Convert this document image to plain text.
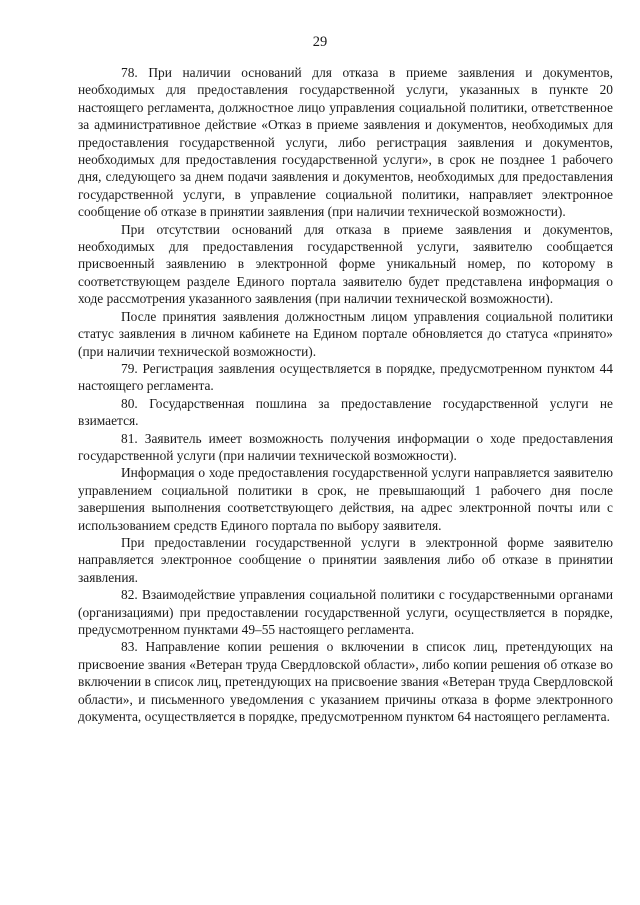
29

78. При наличии оснований для отказа в приеме заявления и документов, необходимых для предоставления государственной услуги, указанных в пункте 20 настоящего регламента, должностное лицо управления социальной политики, ответственное за административное действие «Отказ в приеме заявления и документов, необходимых для предоставления государственной услуги, либо регистрация заявления и документов, необходимых для предоставления государственной услуги», в срок не позднее 1 рабочего дня, следующего за днем подачи заявления и документов, необходимых для предоставления государственной услуги, в управление социальной политики, направляет электронное сообщение об отказе в принятии заявления (при наличии технической возможности).

При отсутствии оснований для отказа в приеме заявления и документов, необходимых для предоставления государственной услуги, заявителю сообщается присвоенный заявлению в электронной форме уникальный номер, по которому в соответствующем разделе Единого портала заявителю будет представлена информация о ходе рассмотрения указанного заявления (при наличии технической возможности).

После принятия заявления должностным лицом управления социальной политики статус заявления в личном кабинете на Едином портале обновляется до статуса «принято» (при наличии технической возможности).

79. Регистрация заявления осуществляется в порядке, предусмотренном пунктом 44 настоящего регламента.

80. Государственная пошлина за предоставление государственной услуги не взимается.

81. Заявитель имеет возможность получения информации о ходе предоставления государственной услуги (при наличии технической возможности).

Информация о ходе предоставления государственной услуги направляется заявителю управлением социальной политики в срок, не превышающий 1 рабочего дня после завершения выполнения соответствующего действия, на адрес электронной почты или с использованием средств Единого портала по выбору заявителя.

При предоставлении государственной услуги в электронной форме заявителю направляется электронное сообщение о принятии заявления либо об отказе в принятии заявления.

82. Взаимодействие управления социальной политики с государственными органами (организациями) при предоставлении государственной услуги, осуществляется в порядке, предусмотренном пунктами 49–55 настоящего регламента.

83. Направление копии решения о включении в список лиц, претендующих на присвоение звания «Ветеран труда Свердловской области», либо копии решения об отказе во включении в список лиц, претендующих на присвоение звания «Ветеран труда Свердловской области», и письменного уведомления с указанием причины отказа в форме электронного документа, осуществляется в порядке, предусмотренном пунктом 64 настоящего регламента.
